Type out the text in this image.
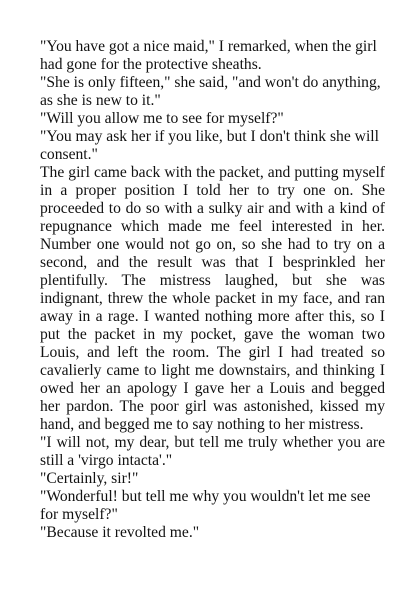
"You have got a nice maid," I remarked, when the girl had gone for the protective sheaths.

"She is only fifteen," she said, "and won't do anything, as she is new to it."

"Will you allow me to see for myself?"

"You may ask her if you like, but I don't think she will consent."

The girl came back with the packet, and putting myself in a proper position I told her to try one on. She proceeded to do so with a sulky air and with a kind of repugnance which made me feel interested in her. Number one would not go on, so she had to try on a second, and the result was that I besprinkled her plentifully. The mistress laughed, but she was indignant, threw the whole packet in my face, and ran away in a rage. I wanted nothing more after this, so I put the packet in my pocket, gave the woman two Louis, and left the room. The girl I had treated so cavalierly came to light me downstairs, and thinking I owed her an apology I gave her a Louis and begged her pardon. The poor girl was astonished, kissed my hand, and begged me to say nothing to her mistress.

"I will not, my dear, but tell me truly whether you are still a 'virgo intacta'."

"Certainly, sir!"

"Wonderful! but tell me why you wouldn't let me see for myself?"

"Because it revolted me."
